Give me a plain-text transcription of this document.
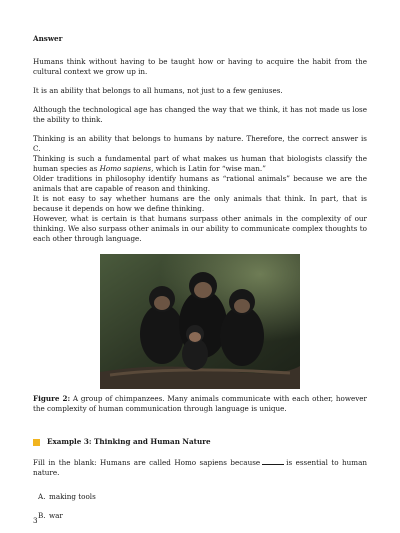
Answer

Humans think without having to be taught how or having to acquire the habit from the cultural context we grow up in.

It is an ability that belongs to all humans, not just to a few geniuses.

Although the technological age has changed the way that we think, it has not made us lose the ability to think.

Thinking is an ability that belongs to humans by nature. Therefore, the correct answer is C.

Thinking is such a fundamental part of what makes us human that biologists classify the human species as Homo sapiens, which is Latin for “wise man.”

Older traditions in philosophy identify humans as “rational animals” because we are the animals that are capable of reason and thinking.

It is not easy to say whether humans are the only animals that think. In part, that is because it depends on how we define thinking.

However, what is certain is that humans surpass other animals in the complexity of our thinking. We also surpass other animals in our ability to communicate complex thoughts to each other through language.

Figure 2: A group of chimpanzees. Many animals communicate with each other, however the complexity of human communication through language is unique.

Example 3: Thinking and Human Nature

Fill in the blank: Humans are called Homo sapiens because	is essential to human nature.

A. making tools
B. war
3
